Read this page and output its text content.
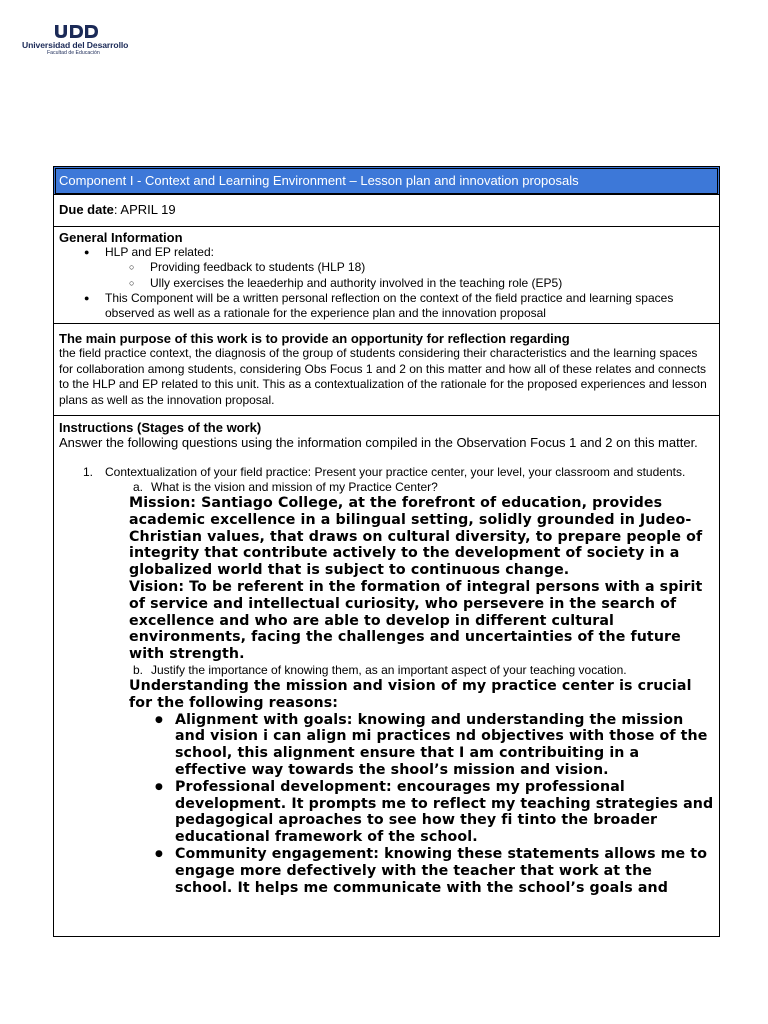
Universidad del Desarrollo
Facultad de Educación
Component I - Context and Learning Environment – Lesson plan and innovation proposals
Due date: APRIL 19
General Information
● HLP and EP related:
○ Providing feedback to students (HLP 18)
○ Ully exercises the leaederhip and authority involved in the teaching role (EP5)
● This Component will be a written personal reflection on the context of the field practice and learning spaces observed as well as a rationale for the experience plan and the innovation proposal
The main purpose of this work is to provide an opportunity for reflection regarding
the field practice context, the diagnosis of the group of students considering their characteristics and the learning spaces for collaboration among students, considering Obs Focus 1 and 2 on this matter and how all of these relates and connects to the HLP and EP related to this unit. This as a contextualization of the rationale for the proposed experiences and lesson plans as well as the innovation proposal.
Instructions (Stages of the work)
Answer the following questions using the information compiled in the Observation Focus 1 and 2 on this matter.
1. Contextualization of your field practice: Present your practice center, your level, your classroom and students.
a. What is the vision and mission of my Practice Center?
Mission: Santiago College, at the forefront of education, provides academic excellence in a bilingual setting, solidly grounded in Judeo-Christian values, that draws on cultural diversity, to prepare people of integrity that contribute actively to the development of society in a globalized world that is subject to continuous change.
Vision: To be referent in the formation of integral persons with a spirit of service and intellectual curiosity, who persevere in the search of excellence and who are able to develop in different cultural environments, facing the challenges and uncertainties of the future with strength.
b. Justify the importance of knowing them, as an important aspect of your teaching vocation.
Understanding the mission and vision of my practice center is crucial for the following reasons:
● Alignment with goals: knowing and understanding the mission and vision i can align mi practices nd objectives with those of the school, this alignment ensure that I am contribuiting in a effective way towards the shool’s mission and vision.
● Professional development: encourages my professional development. It prompts me to reflect my teaching strategies and pedagogical aproaches to see how they fi tinto the broader educational framework of the school.
● Community engagement: knowing these statements allows me to engage more defectively with the teacher that work at the school. It helps me communicate with the school’s goals and
